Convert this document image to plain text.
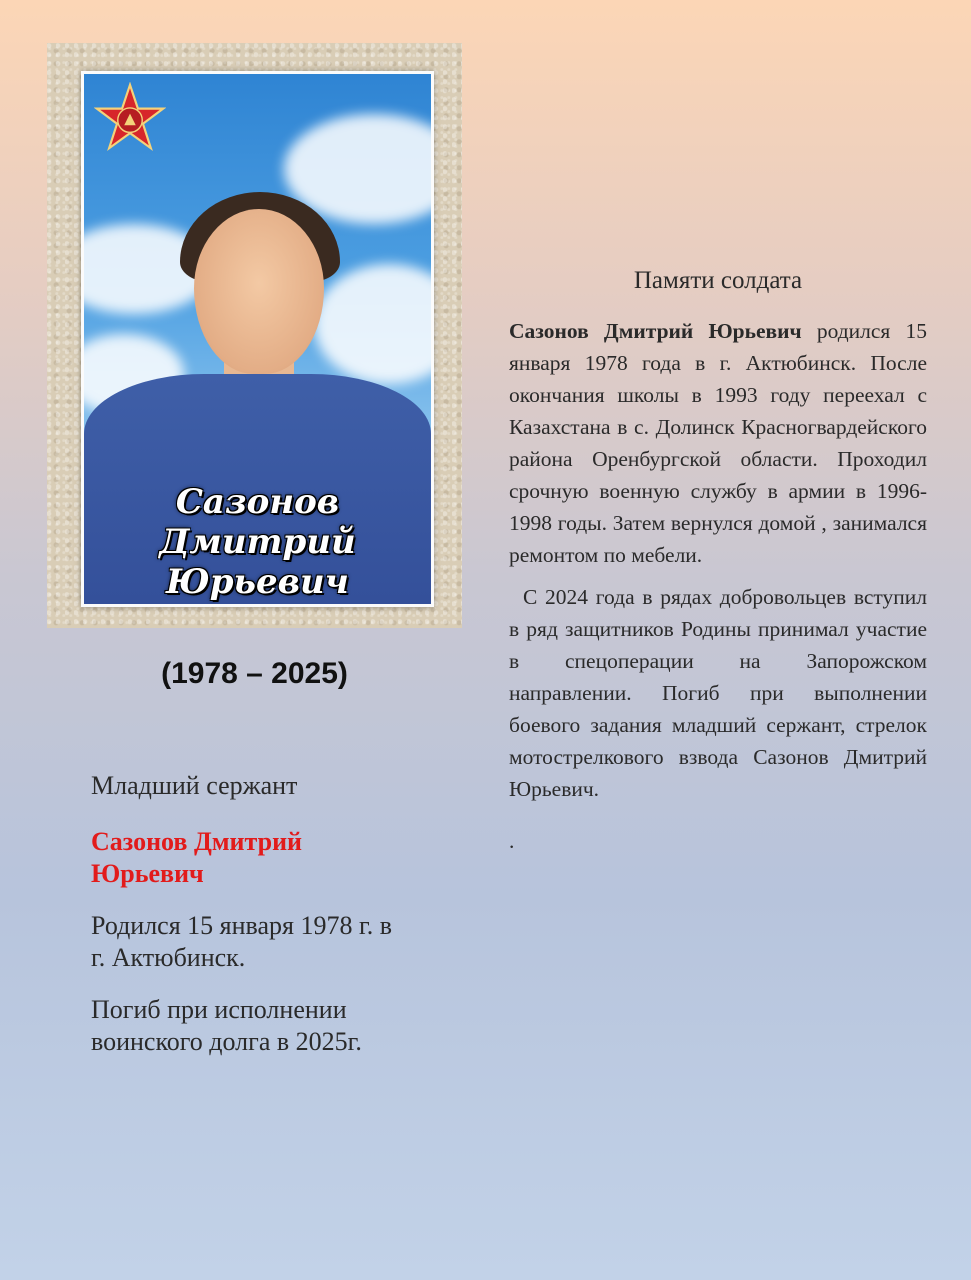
Сазонов
Дмитрий
Юрьевич
(1978 – 2025)

Младший сержант

Сазонов Дмитрий Юрьевич

Родился 15 января 1978 г. в г. Актюбинск.

Погиб при исполнении воинского долга в 2025г.

Памяти солдата

Сазонов Дмитрий Юрьевич родился 15 января 1978 года в г. Актюбинск. После окончания школы в 1993 году переехал с Казахстана в с. Долинск Красногвардейского района Оренбургской области. Проходил срочную военную службу в армии в 1996-1998 годы. Затем вернулся домой , занимался ремонтом по мебели.

С 2024 года в рядах добровольцев вступил в ряд защитников Родины принимал участие в спецоперации на Запорожском направлении. Погиб при выполнении боевого задания младший сержант, стрелок мотострелкового взвода Сазонов Дмитрий Юрьевич.

.
